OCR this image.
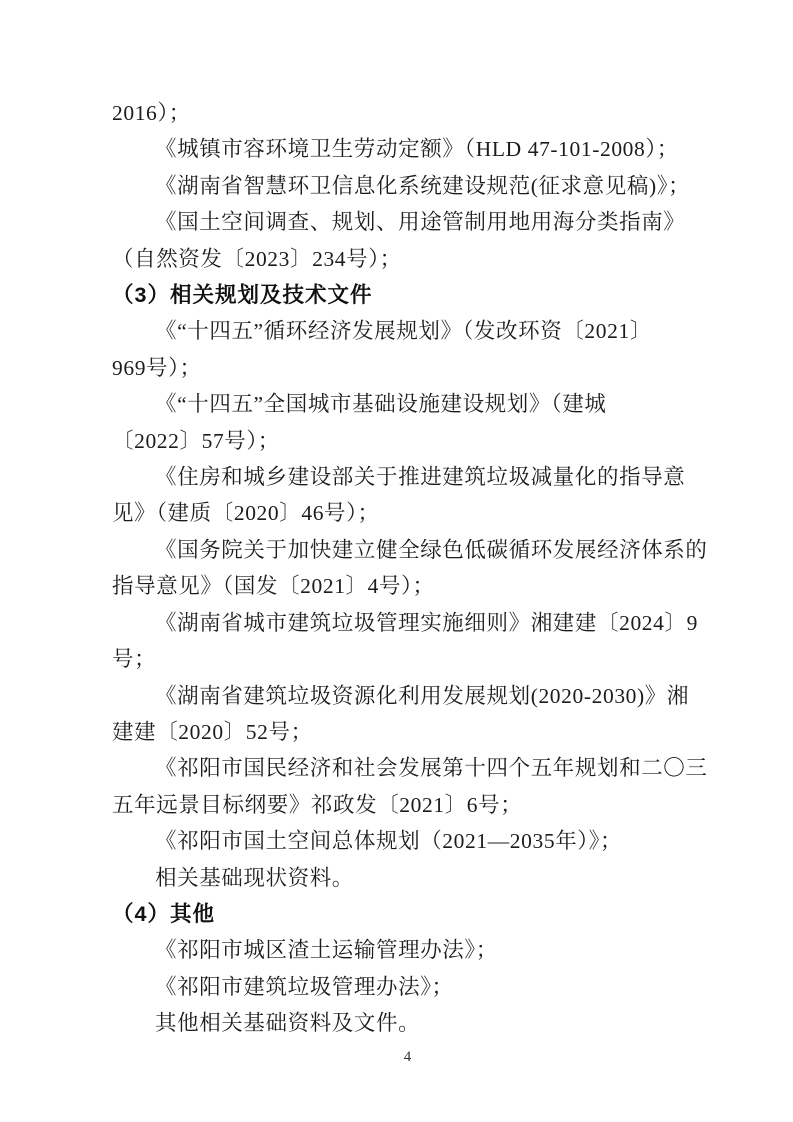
2016）；
《城镇市容环境卫生劳动定额》（HLD 47-101-2008）；
《湖南省智慧环卫信息化系统建设规范(征求意见稿)》；
《国土空间调查、规划、用途管制用地用海分类指南》
（自然资发〔2023〕234号）；
（3）相关规划及技术文件
《“十四五”循环经济发展规划》（发改环资〔2021〕
969号）；
《“十四五”全国城市基础设施建设规划》（建城
〔2022〕57号）；
《住房和城乡建设部关于推进建筑垃圾减量化的指导意
见》（建质〔2020〕46号）；
《国务院关于加快建立健全绿色低碳循环发展经济体系的
指导意见》（国发〔2021〕4号）；
《湖南省城市建筑垃圾管理实施细则》湘建建〔2024〕9
号；
《湖南省建筑垃圾资源化利用发展规划(2020-2030)》湘
建建〔2020〕52号；
《祁阳市国民经济和社会发展第十四个五年规划和二〇三
五年远景目标纲要》祁政发〔2021〕6号；
《祁阳市国土空间总体规划（2021—2035年）》；
相关基础现状资料。
（4）其他
《祁阳市城区渣土运输管理办法》；
《祁阳市建筑垃圾管理办法》；
其他相关基础资料及文件。
4
